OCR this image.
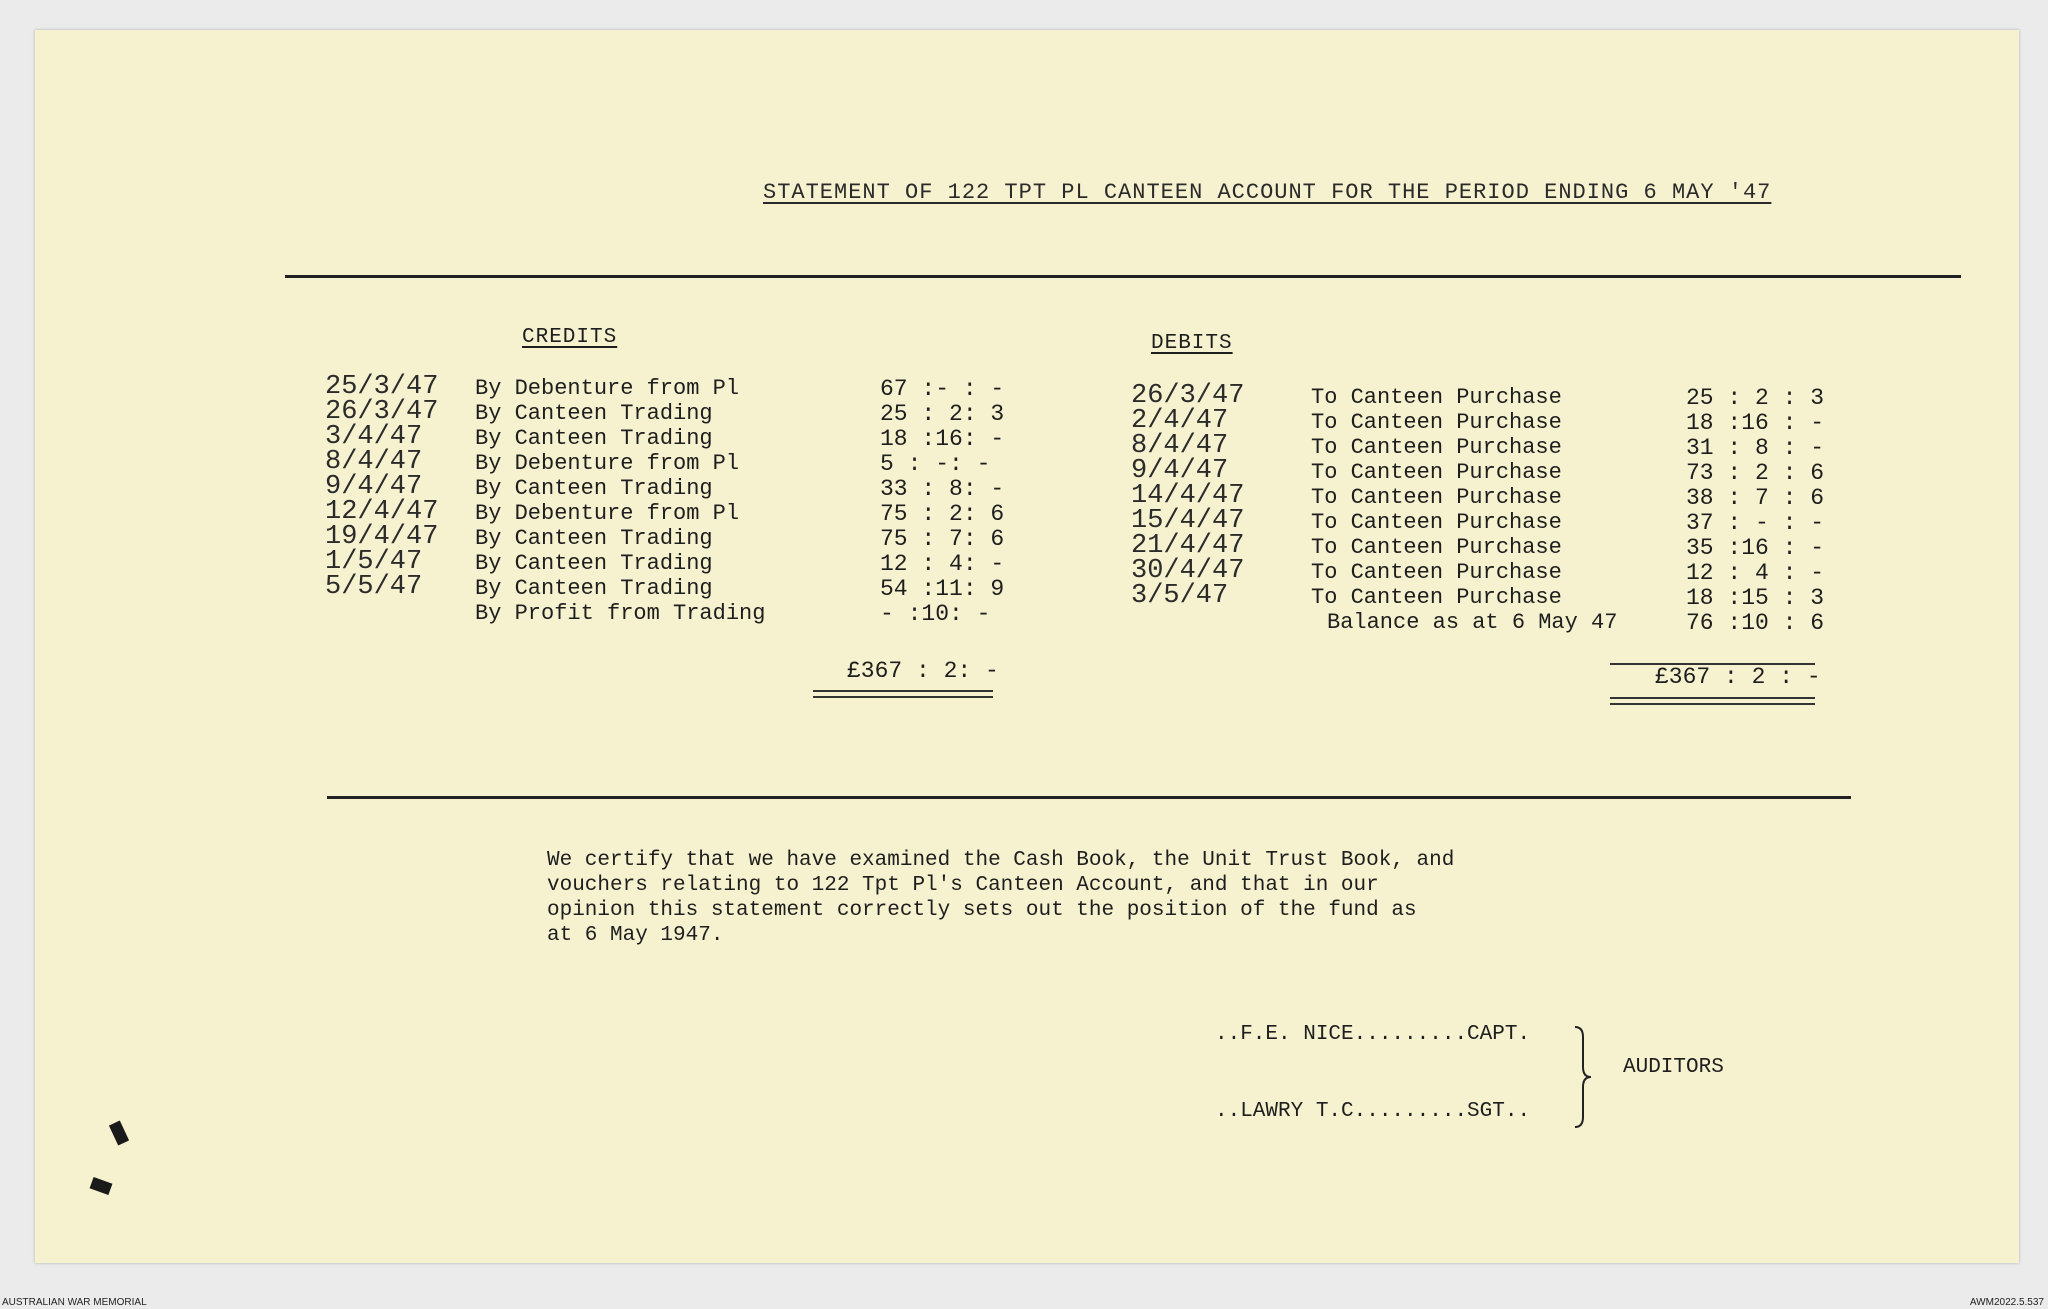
STATEMENT OF 122 TPT PL CANTEEN ACCOUNT FOR THE PERIOD ENDING 6 MAY '47
CREDITS	DEBITS
25/3/47 By Debenture from Pl	67 :- : -
26/3/47 By Canteen Trading	25 : 2: 3
3/4/47 By Canteen Trading	18 :16: -
8/4/47 By Debenture from Pl	5 : -: -
9/4/47 By Canteen Trading	33 : 8: -
12/4/47 By Debenture from Pl	75 : 2: 6
19/4/47 By Canteen Trading	75 : 7: 6
1/5/47 By Canteen Trading	12 : 4: -
5/5/47 By Canteen Trading	54 :11: 9
By Profit from Trading	- :10: -
26/3/47	To Canteen Purchase	25 : 2 : 3
2/4/47	To Canteen Purchase	18 :16 : -
8/4/47	To Canteen Purchase	31 : 8 : -
9/4/47	To Canteen Purchase	73 : 2 : 6
14/4/47	To Canteen Purchase	38 : 7 : 6
15/4/47	To Canteen Purchase	37 : - : -
21/4/47	To Canteen Purchase	35 :16 : -
30/4/47	To Canteen Purchase	12 : 4 : -
3/5/47	To Canteen Purchase	18 :15 : 3
Balance as at 6 May 47	76 :10 : 6
£367 : 2: -	£367 : 2 : -
We certify that we have examined the Cash Book, the Unit Trust Book, and
vouchers relating to 122 Tpt Pl's Canteen Account, and that in our
opinion this statement correctly sets out the position of the fund as
at 6 May 1947.
..F.E. NICE.........CAPT.
..LAWRY T.C.........SGT..
AUDITORS
AUSTRALIAN WAR MEMORIAL	AWM2022.5.537
